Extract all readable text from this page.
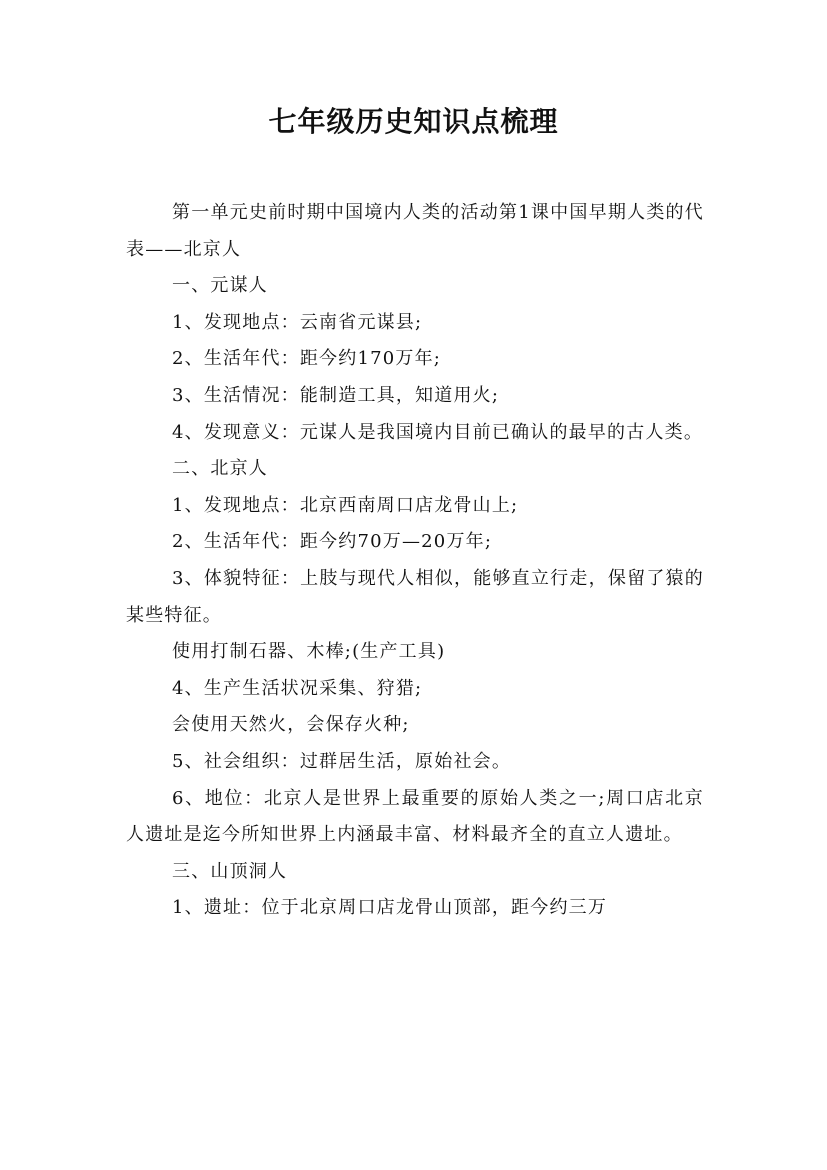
七年级历史知识点梳理

第一单元史前时期中国境内人类的活动第1课中国早期人类的代表——北京人

一、元谋人

1、发现地点：云南省元谋县;

2、生活年代：距今约170万年;

3、生活情况：能制造工具，知道用火;

4、发现意义：元谋人是我国境内目前已确认的最早的古人类。

二、北京人

1、发现地点：北京西南周口店龙骨山上;

2、生活年代：距今约70万—20万年;

3、体貌特征：上肢与现代人相似，能够直立行走，保留了猿的某些特征。

使用打制石器、木棒;(生产工具)

4、生产生活状况采集、狩猎;

会使用天然火，会保存火种;

5、社会组织：过群居生活，原始社会。

6、地位：北京人是世界上最重要的原始人类之一;周口店北京人遗址是迄今所知世界上内涵最丰富、材料最齐全的直立人遗址。

三、山顶洞人

1、遗址：位于北京周口店龙骨山顶部，距今约三万
